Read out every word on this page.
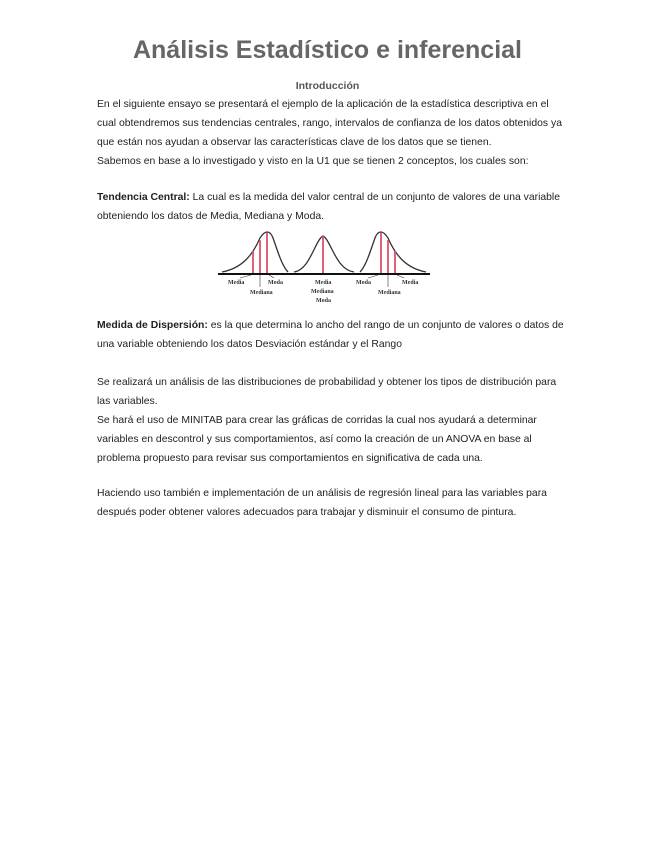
Análisis Estadístico e inferencial
Introducción
En el siguiente ensayo se presentará el ejemplo de la aplicación de la estadística descriptiva en el
cual obtendremos sus tendencias centrales, rango, intervalos de confianza de los datos obtenidos ya
que están nos ayudan a observar las características clave de los datos que se tienen.
Sabemos en base a lo investigado y visto en la U1 que se tienen 2 conceptos, los cuales son:
Tendencia Central: La cual es la medida del valor central de un conjunto de valores de una variable
obteniendo los datos de Media, Mediana y Moda.
Media	Moda
Mediana
Media
Mediana
Moda
Moda	Media
Mediana
Medida de Dispersión: es la que determina lo ancho del rango de un conjunto de valores o datos de
una variable obteniendo los datos Desviación estándar y el Rango
Se realizará un análisis de las distribuciones de probabilidad y obtener los tipos de distribución para
las variables.
Se hará el uso de MINITAB para crear las gráficas de corridas la cual nos ayudará a determinar
variables en descontrol y sus comportamientos, así como la creación de un ANOVA en base al
problema propuesto para revisar sus comportamientos en significativa de cada una.
Haciendo uso también e implementación de un análisis de regresión lineal para las variables para
después poder obtener valores adecuados para trabajar y disminuir el consumo de pintura.
